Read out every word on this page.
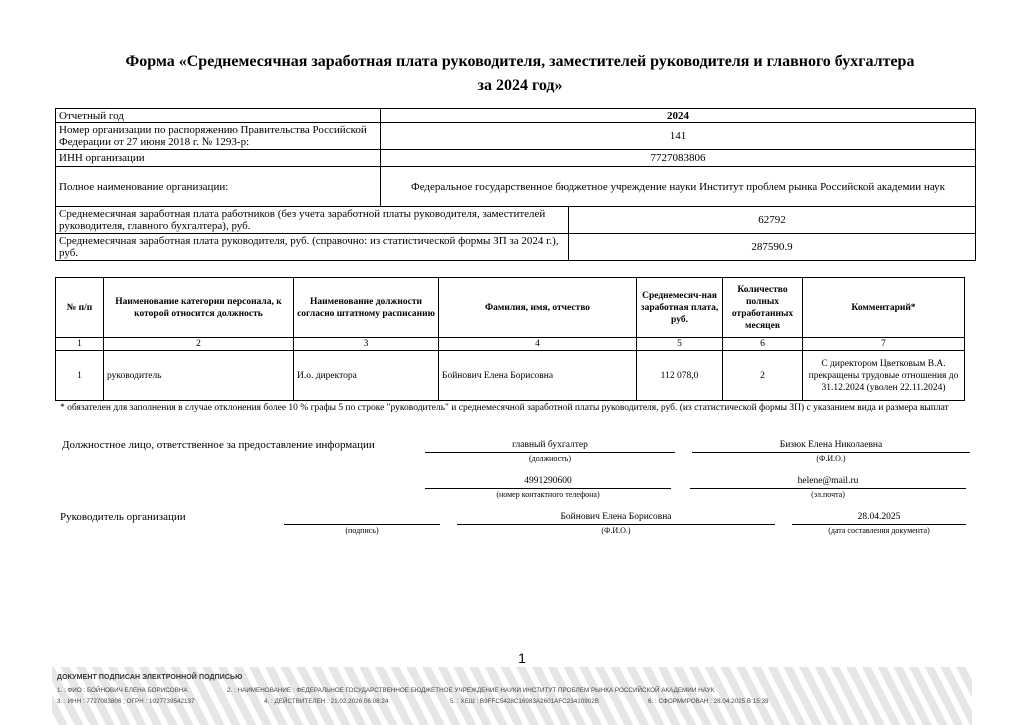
Форма «Среднемесячная заработная плата руководителя, заместителей руководителя и главного бухгалтера
за 2024 год»
Отчетный год	2024	
Номер организации по распоряжению Правительства Российской Федерации от 27 июня 2018 г. № 1293-р:	141	
ИНН организации	7727083806	
Полное наименование организации:	Федеральное государственное бюджетное учреждение науки Институт проблем рынка Российской академии наук	
Среднемесячная заработная плата работников (без учета заработной платы руководителя, заместителей руководителя, главного бухгалтера), руб.		62792
Среднемесячная заработная плата руководителя, руб. (справочно: из статистической формы ЗП за 2024 г.), руб.		287590.9
№ п/п	Наименование категории персонала, к которой относится должность	Наименование должности согласно штатному расписанию	Фамилия, имя, отчество	Среднемесяч-ная заработная плата, руб.	Количество полных отработанных месяцев	Комментарий*
1	2	3	4	5	6	7
1	руководитель	И.о. директора	Бойнович Елена Борисовна	112 078,0	2	С директором Цветковым В.А. прекращены трудовые отношения до 31.12.2024 (уволен 22.11.2024)
* обязателен для заполнения в случае отклонения более 10 % графы 5 по строке "руководитель" и среднемесячной заработной платы руководителя, руб. (из статистической формы ЗП) с указанием вида и размера выплат
Должностное лицо, ответственное за предоставление информации	главный бухгалтер
(должность)
Бизюк Елена Николаевна
(Ф.И.О.)
4991290600
(номер контактного телефона)
helene@mail.ru
(эл.почта)
Руководитель организации
(подпись)
Бойнович Елена Борисовна
(Ф.И.О.)
28.04.2025
(дата составления документа)
1
ДОКУМЕНТ ПОДПИСАН ЭЛЕКТРОННОЙ ПОДПИСЬЮ
1. : ФИО : БОЙНОВИЧ ЕЛЕНА БОРИСОВНА	2. : НАИМЕНОВАНИЕ : ФЕДЕРАЛЬНОЕ ГОСУДАРСТВЕННОЕ БЮДЖЕТНОЕ УЧРЕЖДЕНИЕ НАУКИ ИНСТИТУТ ПРОБЛЕМ РЫНКА РОССИЙСКОЙ АКАДЕМИИ НАУК
3. : ИНН : 7727083806 ; ОГРН : 1027739542137	4. : ДЕЙСТВИТЕЛЕН : 21.02.2026 06:08:24	5. : ХЕШ : B9FFC5428C16983A2601AFC23410902B	6. : СФОРМИРОВАН : 28.04.2025 В 15:39
